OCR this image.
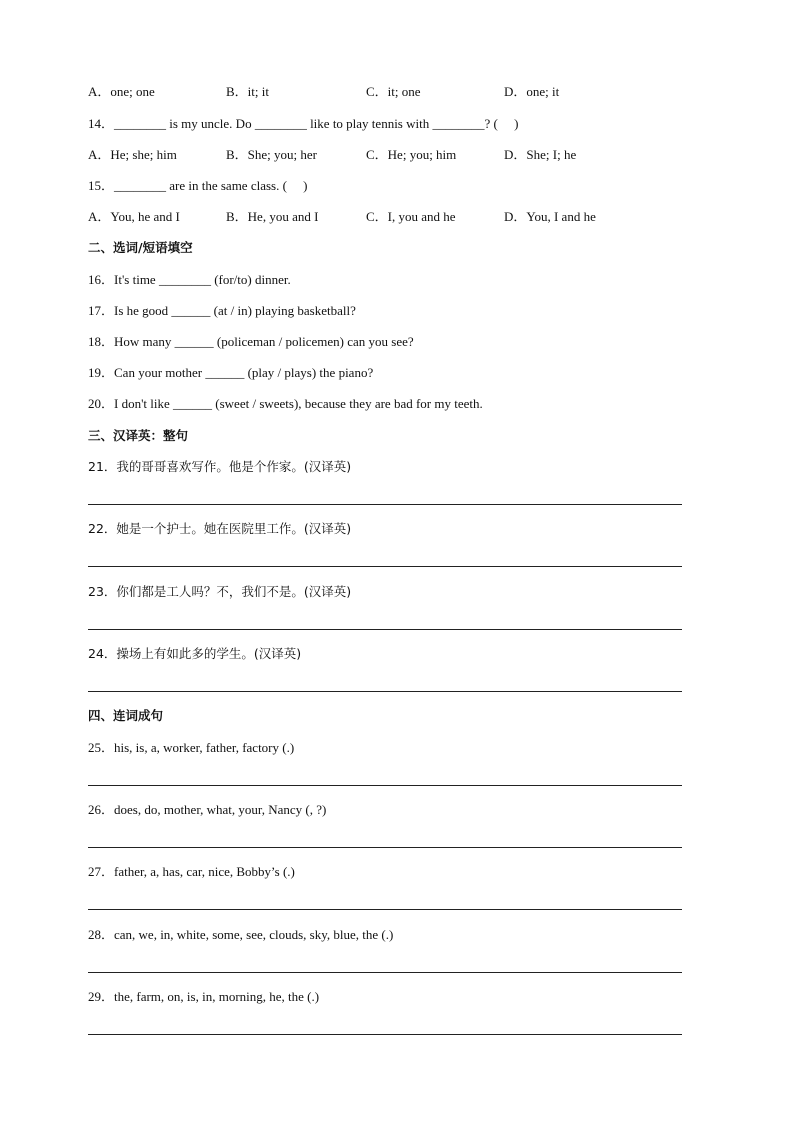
A．one; one	B．it; it	C．it; one	D．one; it
14．________ is my uncle. Do ________ like to play tennis with ________? (     )
A．He; she; him	B．She; you; her	C．He; you; him	D．She; I; he
15．________ are in the same class. (     )
A．You, he and I	B．He, you and I	C．I, you and he	D．You, I and he
二、选词/短语填空
16．It's time ________ (for/to) dinner.
17．Is he good ______ (at / in) playing basketball?
18．How many ______ (policeman / policemen) can you see?
19．Can your mother ______ (play / plays) the piano?
20．I don't like ______ (sweet / sweets), because they are bad for my teeth.
三、汉译英：整句
21．我的哥哥喜欢写作。他是个作家。(汉译英)
22．她是一个护士。她在医院里工作。(汉译英)
23．你们都是工人吗？不，我们不是。(汉译英)
24．操场上有如此多的学生。(汉译英)
四、连词成句
25．his, is, a, worker, father, factory (.)
26．does, do, mother, what, your, Nancy (, ?)
27．father, a, has, car, nice, Bobby’s (.)
28．can, we, in, white, some, see, clouds, sky, blue, the (.)
29．the, farm, on, is, in, morning, he, the (.)
